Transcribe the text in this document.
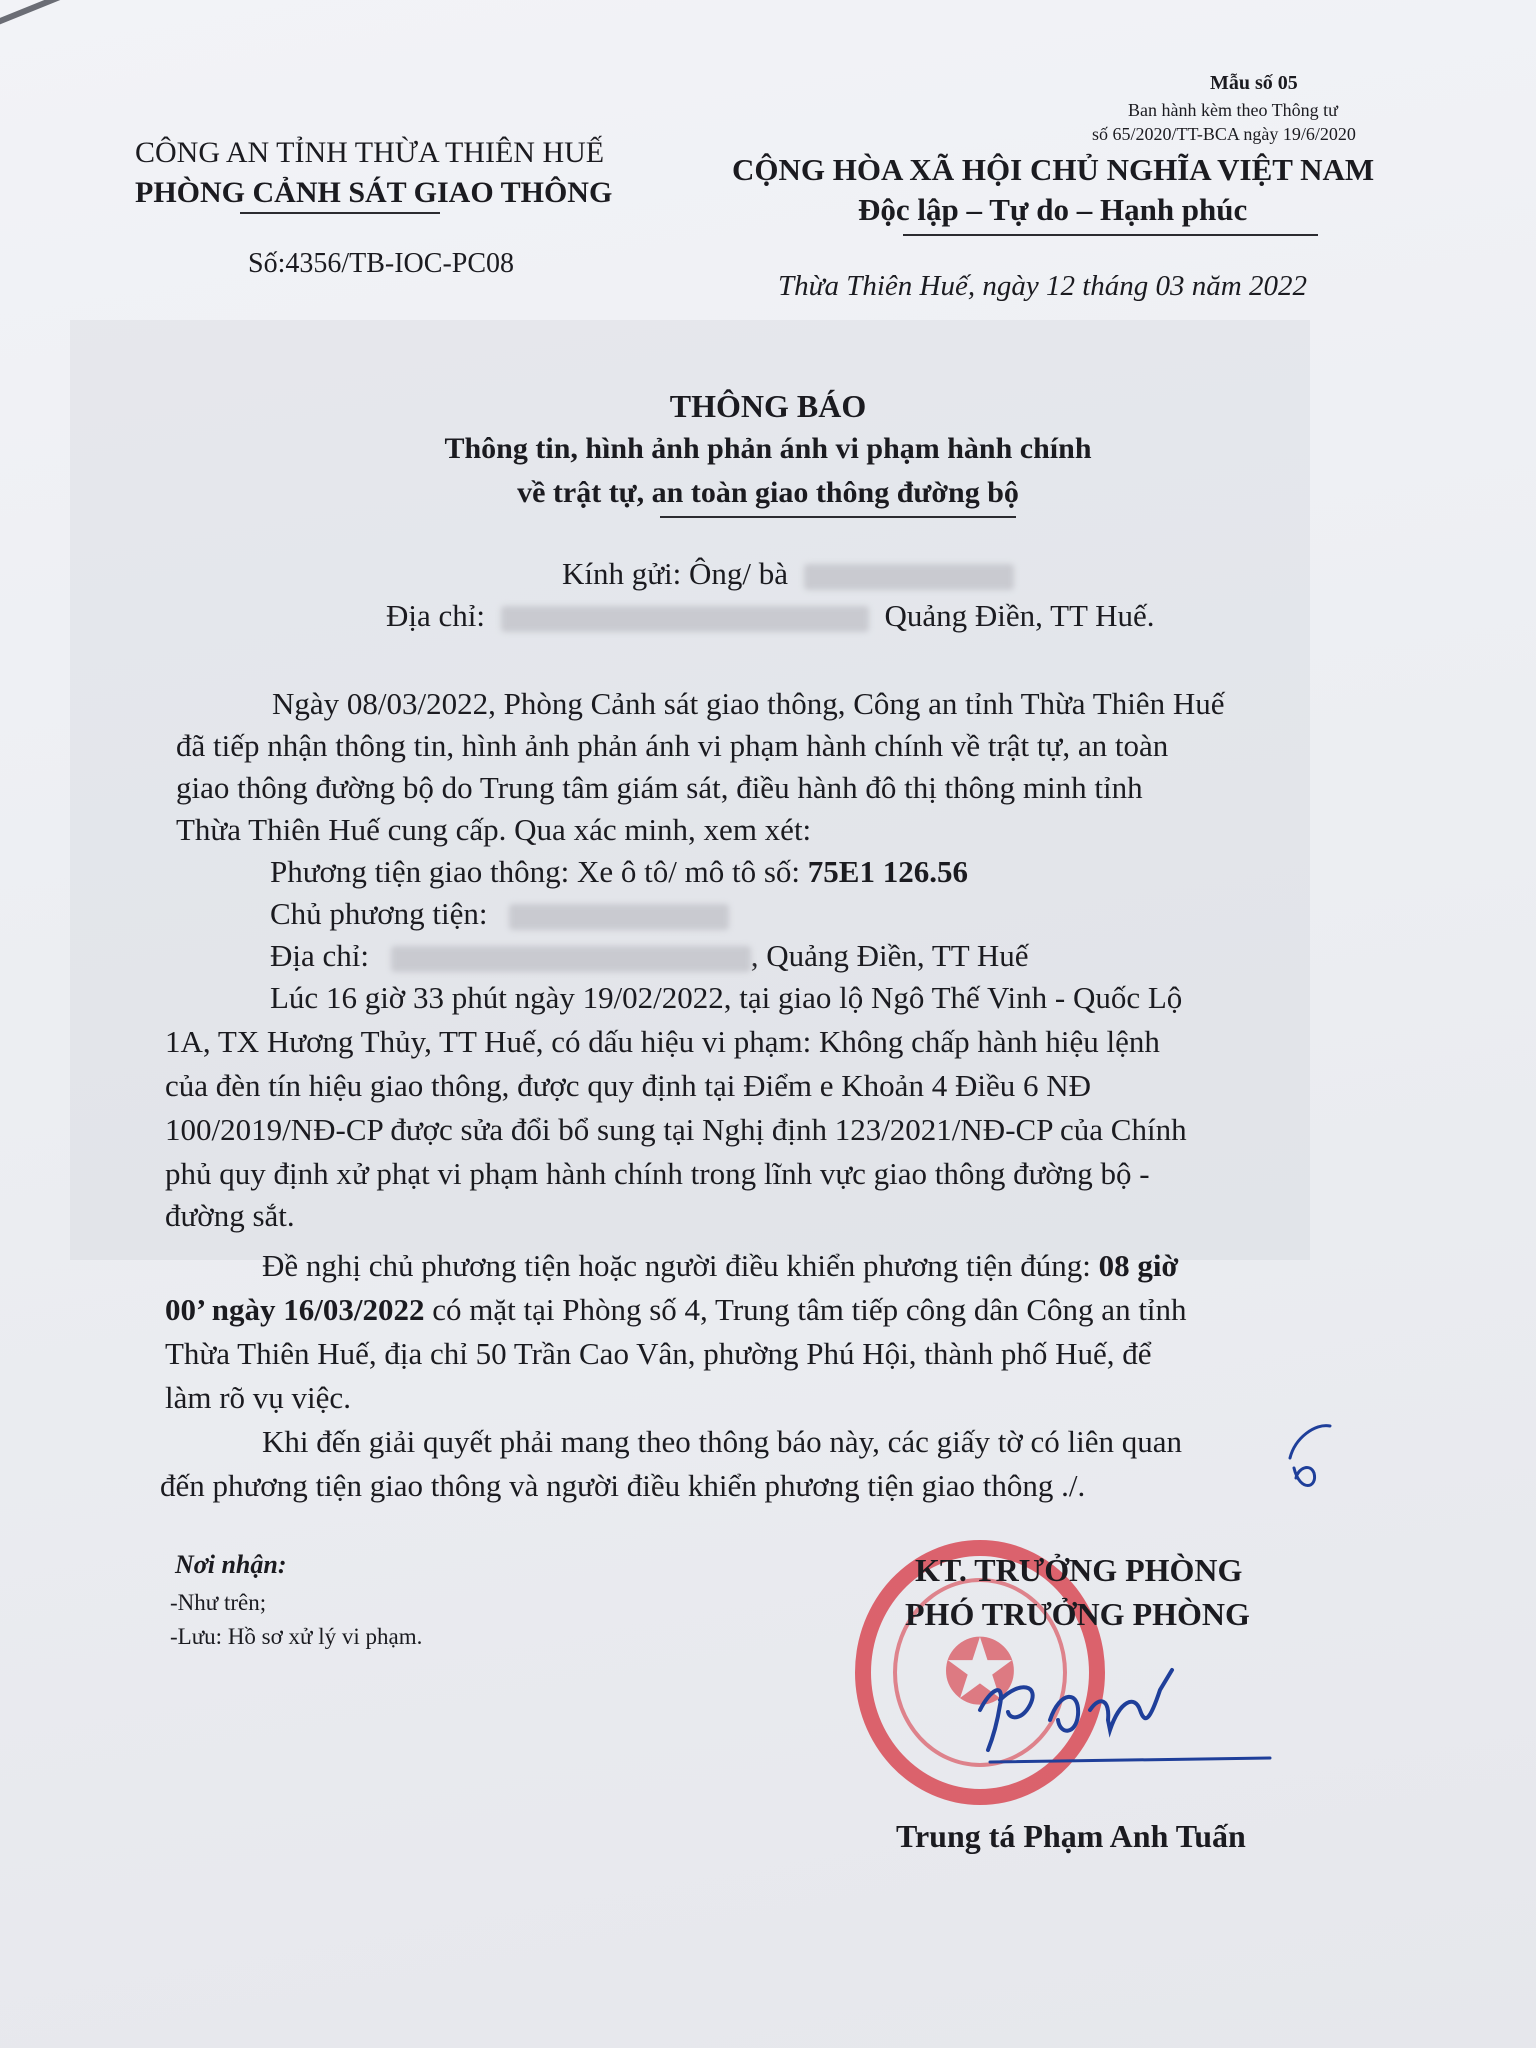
Mẫu số 05
Ban hành kèm theo Thông tư
số 65/2020/TT-BCA ngày 19/6/2020
CÔNG AN TỈNH THỪA THIÊN HUẾ
PHÒNG CẢNH SÁT GIAO THÔNG
Số:4356/TB-IOC-PC08
CỘNG HÒA XÃ HỘI CHỦ NGHĨA VIỆT NAM
Độc lập – Tự do – Hạnh phúc
Thừa Thiên Huế, ngày 12 tháng 03 năm 2022
THÔNG BÁO
Thông tin, hình ảnh phản ánh vi phạm hành chính
về trật tự, an toàn giao thông đường bộ
Kính gửi: Ông/ bà
Địa chỉ:	Quảng Điền, TT Huế.
Ngày 08/03/2022, Phòng Cảnh sát giao thông, Công an tỉnh Thừa Thiên Huế
đã tiếp nhận thông tin, hình ảnh phản ánh vi phạm hành chính về trật tự, an toàn
giao thông đường bộ do Trung tâm giám sát, điều hành đô thị thông minh tỉnh
Thừa Thiên Huế cung cấp. Qua xác minh, xem xét:
Phương tiện giao thông: Xe ô tô/ mô tô số: 75E1 126.56
Chủ phương tiện:
Địa chỉ:	, Quảng Điền, TT Huế
Lúc 16 giờ 33 phút ngày 19/02/2022, tại giao lộ Ngô Thế Vinh - Quốc Lộ
1A, TX Hương Thủy, TT Huế, có dấu hiệu vi phạm: Không chấp hành hiệu lệnh
của đèn tín hiệu giao thông, được quy định tại Điểm e Khoản 4 Điều 6 NĐ
100/2019/NĐ-CP được sửa đổi bổ sung tại Nghị định 123/2021/NĐ-CP của Chính
phủ quy định xử phạt vi phạm hành chính trong lĩnh vực giao thông đường bộ -
đường sắt.
Đề nghị chủ phương tiện hoặc người điều khiển phương tiện đúng: 08 giờ
00’ ngày 16/03/2022 có mặt tại Phòng số 4, Trung tâm tiếp công dân Công an tỉnh
Thừa Thiên Huế, địa chỉ 50 Trần Cao Vân, phường Phú Hội, thành phố Huế, để
làm rõ vụ việc.
Khi đến giải quyết phải mang theo thông báo này, các giấy tờ có liên quan
đến phương tiện giao thông và người điều khiển phương tiện giao thông ./.
Nơi nhận:
-Như trên;
-Lưu: Hồ sơ xử lý vi phạm.	✪
KT. TRƯỞNG PHÒNG
PHÓ TRƯỞNG PHÒNG
Trung tá Phạm Anh Tuấn
